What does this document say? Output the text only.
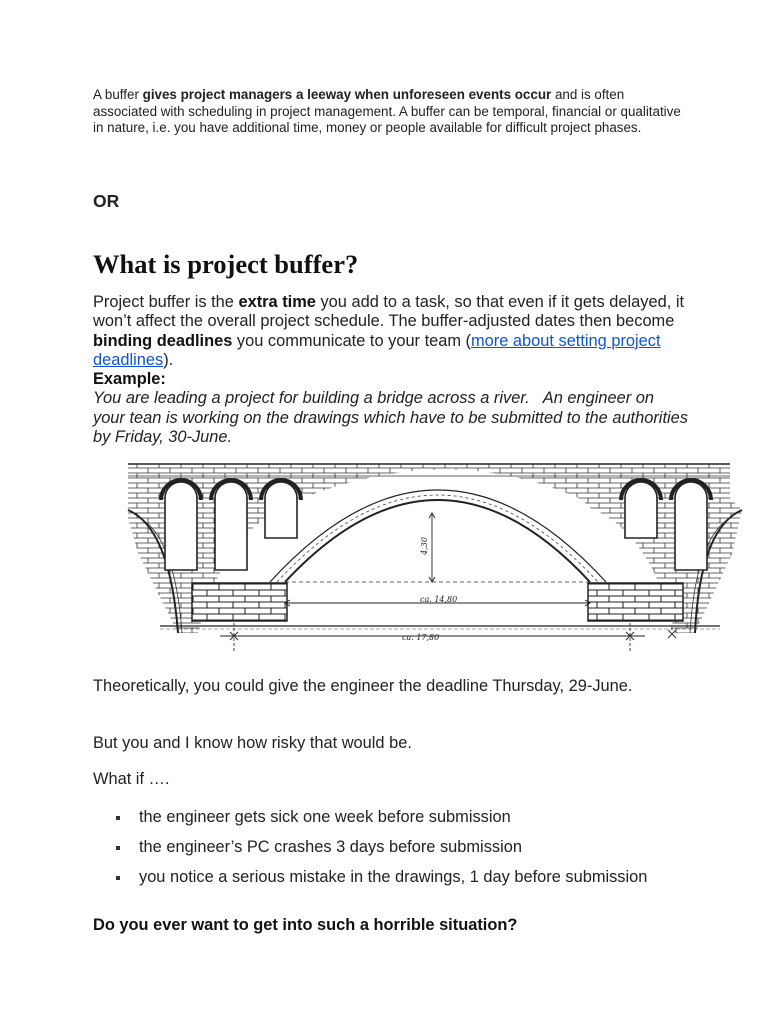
A buffer gives project managers a leeway when unforeseen events occur and is often associated with scheduling in project management. A buffer can be temporal, financial or qualitative in nature, i.e. you have additional time, money or people available for difficult project phases.

OR
What is project buffer?
Project buffer is the extra time you add to a task, so that even if it gets delayed, it won’t affect the overall project schedule. The buffer-adjusted dates then become binding deadlines you communicate to your team (more about setting project deadlines).
Example:
You are leading a project for building a bridge across a river.   An engineer on your tean is working on the drawings which have to be submitted to the authorities by Friday, 30-June.

Theoretically, you could give the engineer the deadline Thursday, 29-June.

But you and I know how risky that would be.

What if ….

the engineer gets sick one week before submission
the engineer’s PC crashes 3 days before submission
you notice a serious mistake in the drawings, 1 day before submission
Do you ever want to get into such a horrible situation?
4,30
ca. 14,80
ca. 17,80
